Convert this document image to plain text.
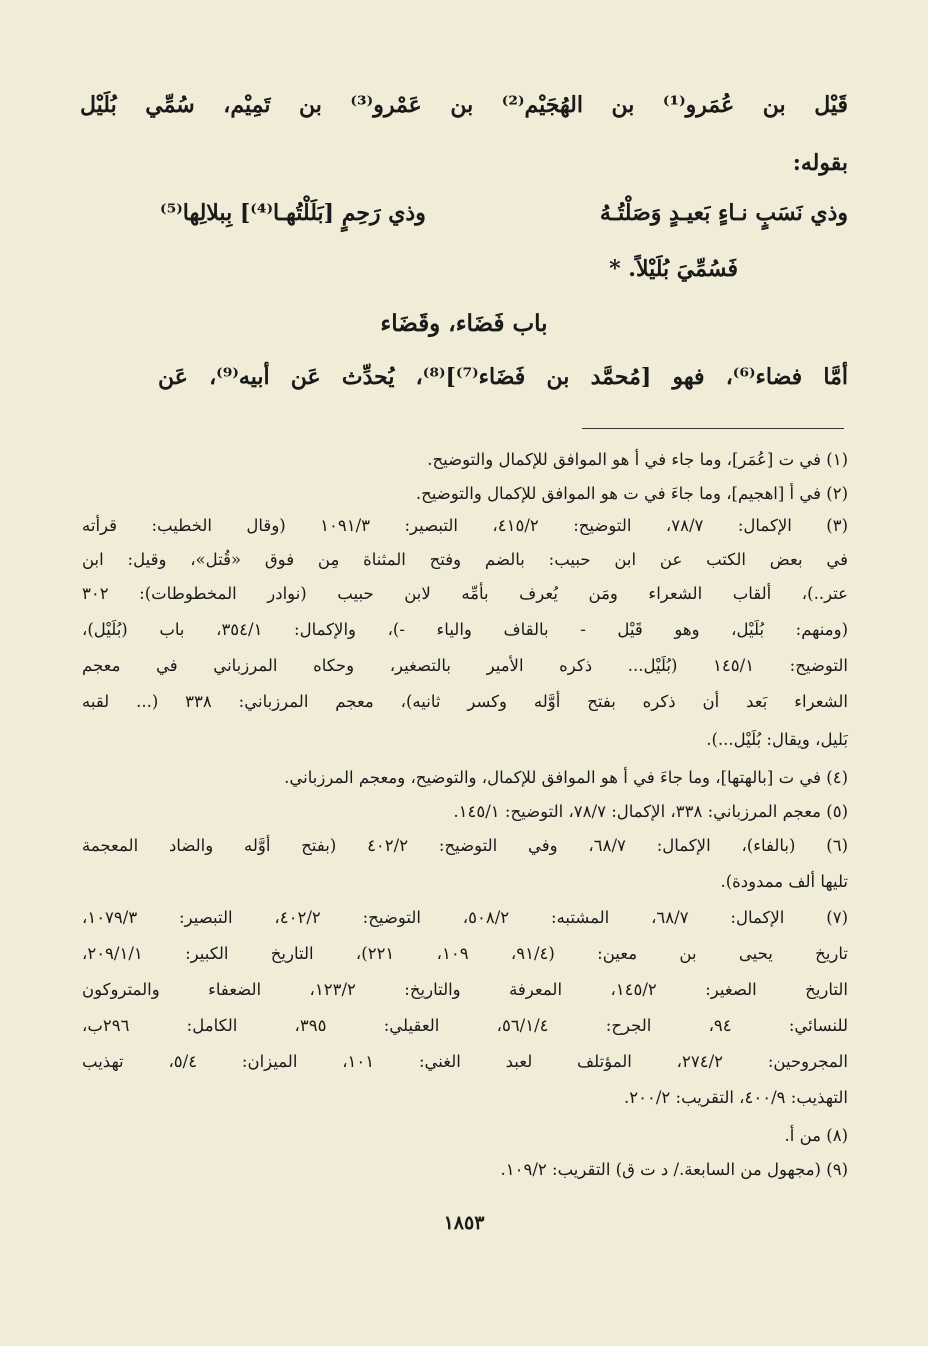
قَيْل بن عُمَرو⁽¹⁾ بن الهُجَيْم⁽²⁾ بن عَمْرو⁽³⁾ بن تَمِيْم، سُمِّي بُلَيْل
بقوله:
وذي نَسَبٍ نـاءٍ بَعيـدٍ وَصَلْتُـهُ
وذي رَحِمٍ [بَلَلْتُهـا⁽⁴⁾] بِبلالِها⁽⁵⁾
فَسُمِّيَ بُلَيْلاً. *
باب فَضَاء، وقَضَاء
أمَّا فضاء⁽⁶⁾، فهو [مُحمَّد بن فَضَاء⁽⁷⁾]⁽⁸⁾، يُحدِّث عَن أبيه⁽⁹⁾، عَن
(١) في ت [عُمَر]، وما جاء في أ هو الموافق للإكمال والتوضيح.
(٢) في أ [اهجيم]، وما جاءَ في ت هو الموافق للإكمال والتوضيح.
(٣) الإكمال: ٧٨/٧، التوضيح: ٤١٥/٢، التبصير: ١٠٩١/٣ (وقال الخطيب: قرأته
في بعض الكتب عن ابن حبيب: بالضم وفتح المثناة مِن فوق «قُتل»، وقيل: ابن
عتر..)، ألقاب الشعراء ومَن يُعرف بأمِّه لابن حبيب (نوادر المخطوطات): ٣٠٢
(ومنهم: بُلَيْل، وهو قَيْل - بالقاف والياء -)، والإكمال: ٣٥٤/١، باب (بُلَيْل)،
التوضيح: ١٤٥/١ (بُلَيْل... ذكره الأمير بالتصغير، وحكاه المرزباني في معجم
الشعراء بَعد أن ذكره بفتح أوَّله وكسر ثانيه)، معجم المرزباني: ٣٣٨ (... لقبه
بَليل، ويقال: بُلَيْل...).
(٤) في ت [بالهتها]، وما جاءَ في أ هو الموافق للإكمال، والتوضيح، ومعجم المرزباني.
(٥) معجم المرزباني: ٣٣٨، الإكمال: ٧٨/٧، التوضيح: ١٤٥/١.
(٦) (بالفاء)، الإكمال: ٦٨/٧، وفي التوضيح: ٤٠٢/٢ (بفتح أوَّله والضاد المعجمة
تليها ألف ممدودة).
(٧) الإكمال: ٦٨/٧، المشتبه: ٥٠٨/٢، التوضيح: ٤٠٢/٢، التبصير: ١٠٧٩/٣،
تاريخ يحيى بن معين: (٩١/٤، ١٠٩، ٢٢١)، التاريخ الكبير: ٢٠٩/١/١،
التاريخ الصغير: ١٤٥/٢، المعرفة والتاريخ: ١٢٣/٢، الضعفاء والمتروكون
للنسائي: ٩٤، الجرح: ٥٦/١/٤، العقيلي: ٣٩٥، الكامل: ٢٩٦ب،
المجروحين: ٢٧٤/٢، المؤتلف لعبد الغني: ١٠١، الميزان: ٥/٤، تهذيب
التهذيب: ٤٠٠/٩، التقريب: ٢٠٠/٢.
(٨) من أ.
(٩) (مجهول من السابعة./ د ت ق) التقريب: ١٠٩/٢.
١٨٥٣
